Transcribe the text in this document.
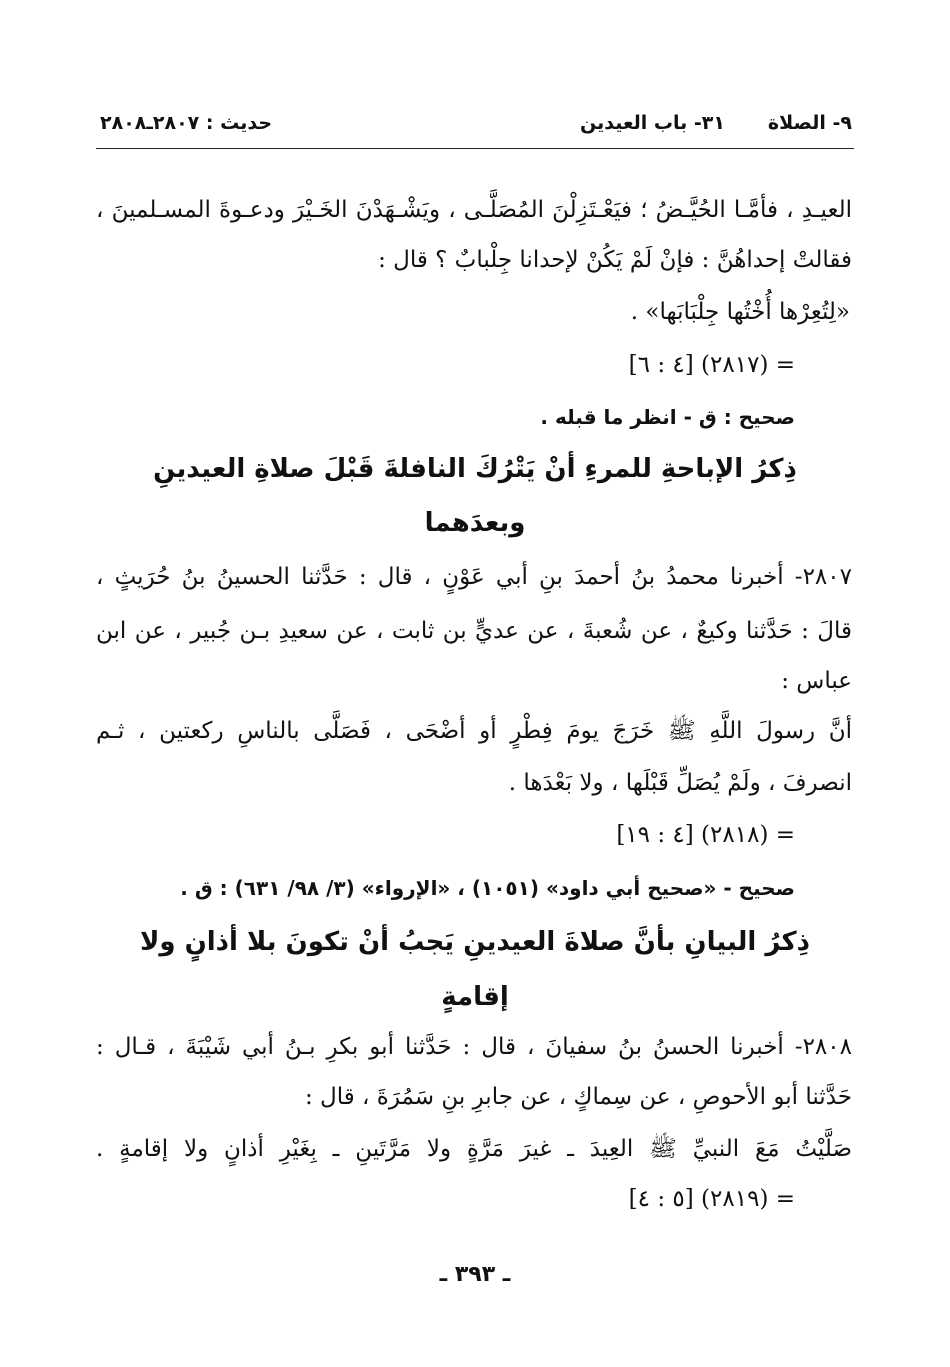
٩- الصلاة
٣١- باب العيدين
حديث : ٢٨٠٧ـ٢٨٠٨
العيـدِ ، فأمَّـا الحُيَّـضُ ؛ فيَعْـتَزِلْنَ المُصَلَّـى ، ويَشْـهَدْنَ الخَـيْرَ ودعـوةَ المسـلمينَ ،
فقالتْ إحداهُنَّ : فإنْ لَمْ يَكُنْ لإحدانا جِلْبابٌ ؟ قال :
«لِتُعِرْها أُخْتُها جِلْبَابَها» .
= (٢٨١٧) [٤ : ٦]
صحيح : ق - انظر ما قبله .
ذِكرُ الإباحةِ للمرءِ أنْ يَتْرُكَ النافلةَ قَبْلَ صلاةِ العيدينِ
وبعدَهما
٢٨٠٧- أخبرنا محمدُ بنُ أحمدَ بنِ أبي عَوْنٍ ، قال : حَدَّثنا الحسينُ بنُ حُرَيثٍ ،
قالَ : حَدَّثنا وكيعٌ ، عن شُعبةَ ، عن عديٍّ بن ثابت ، عن سعيدِ بـن جُبير ، عن ابن
عباس :
أنَّ رسولَ اللَّهِ ﷺ خَرَجَ يومَ فِطْرٍ أو أضْحَى ، فَصَلَّى بالناسِ ركعتين ، ثـم
انصرفَ ، ولَمْ يُصَلِّ قَبْلَها ، ولا بَعْدَها .
= (٢٨١٨) [٤ : ١٩]
صحيح - «صحيح أبي داود» (١٠٥١) ، «الإرواء» (٣/ ٩٨/ ٦٣١) : ق .
ذِكرُ البيانِ بأنَّ صلاةَ العيدينِ يَجبُ أنْ تكونَ بلا أذانٍ ولا
إقامةٍ
٢٨٠٨- أخبرنا الحسنُ بنُ سفيانَ ، قال : حَدَّثنا أبو بكرِ بـنُ أبي شَيْبَةَ ، قـال :
حَدَّثنا أبو الأحوصِ ، عن سِماكٍ ، عن جابرِ بنِ سَمُرَةَ ، قال :
صَلَّيْتُ مَعَ النبيِّ ﷺ العِيدَ ـ غيرَ مَرَّةٍ ولا مَرَّتَينِ ـ بِغَيْرِ أذانٍ ولا إقامةٍ .
= (٢٨١٩) [٥ : ٤]
ـ ٣٩٣ ـ
